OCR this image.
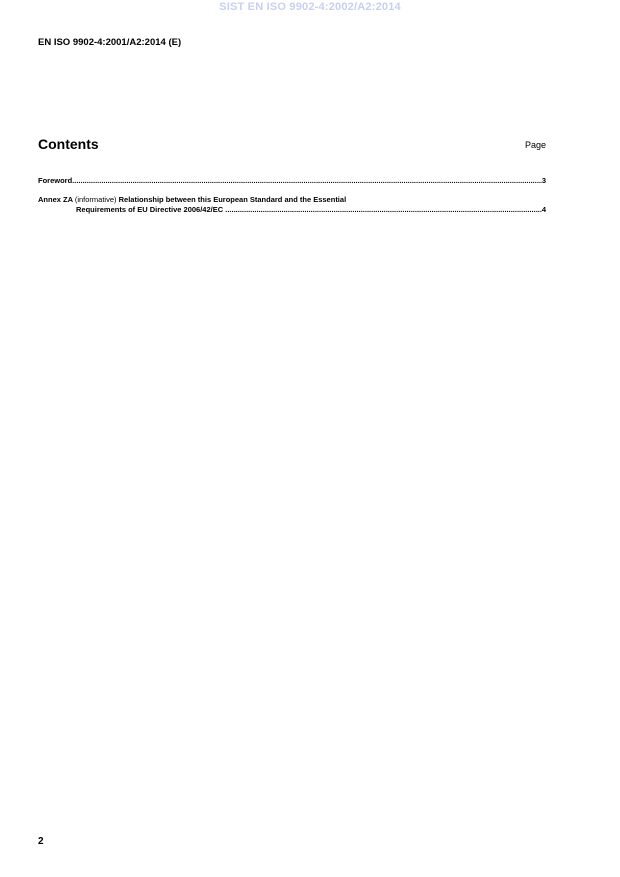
SIST EN ISO 9902-4:2002/A2:2014
EN ISO 9902-4:2001/A2:2014 (E)
Contents	Page
Foreword .....	3
Annex ZA (informative) Relationship between this European Standard and the Essential
Requirements of EU Directive 2006/42/EC
.....	4
2
